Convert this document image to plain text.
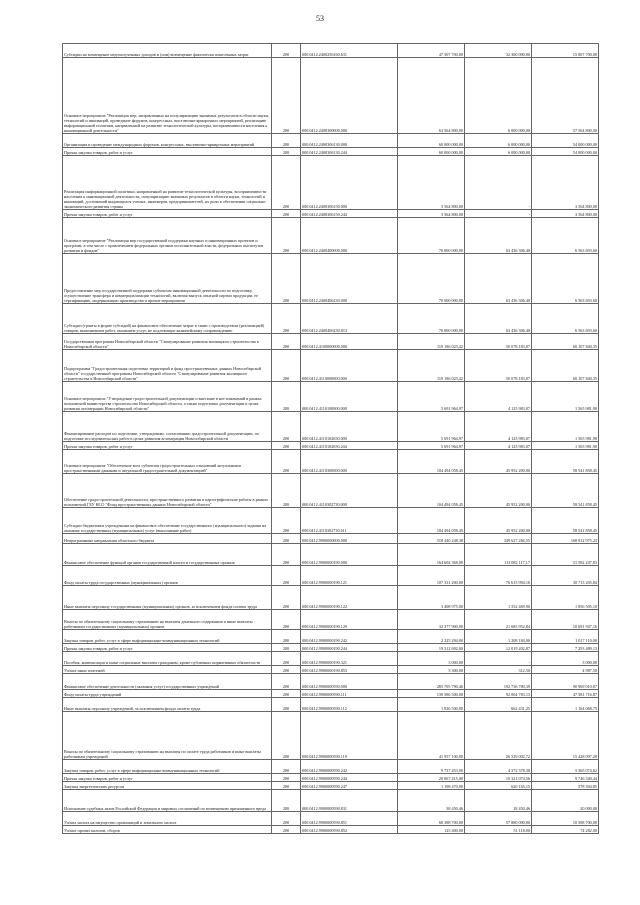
53
Субсидии на возмещение недополученных доходов и (или) возмещение фактически понесенных затрат	200	000.0412.2400256160.631	47 307 700,00	32 300 000,00	15 007 700,00
Основное мероприятие "Реализация мер, направленных на популяризацию значимых результатов в области науки, технологий и инноваций, проведение форумов, конгрессных, выставочно-ярмарочных мероприятий, реализацию информационной политики, направленной на развитие технологической культуры, восприимчивости населения к инновационной деятельности"	200	000.0412.2400300000.000	63 564 800,00	6 000 000,00	57 564 800,00
Организация и проведение международных форумов, конгрессных, выставочно-ярмарочных мероприятий	200	000.0412.2400306130.000	60 000 000,00	6 000 000,00	54 000 000,00
Прочая закупка товаров, работ и услуг	200	000.0412.2400306130.244	60 000 000,00	6 000 000,00	54 000 000,00
Реализация информационной политики, направленной на развитие технологической культуры, восприимчивости населения к инновационной деятельности, популяризацию значимых результатов в области науки, технологий и инноваций, достижений выдающихся ученых, инженеров, предпринимателей, их роли в обеспечении социально-экономического развития страны	200	000.0412.2400306150.000	3 564 800,00	-	3 564 800,00
Прочая закупка товаров, работ и услуг	200	000.0412.2400306150.244	3 564 800,00	-	3 564 800,00
Основное мероприятие "Реализация мер государственной поддержки научных и инновационных проектов и программ, в том числе с привлечением федеральных органов исполнительной власти, федеральных институтов развития и фондов"	200	000.0412.2400400000.000	70 000 000,00	63 436 306,40	6 563 693,60
Предоставление мер государственной поддержки субъектам инновационной деятельности по подготовку, осуществление трансфера и коммерциализации технологий, включая выпуск опытной партии продукции, ее сертификацию, модернизацию производства и прочие мероприятия	200	000.0412.2400406230.000	70 000 000,00	63 436 306,40	6 563 693,60
Субсидии (гранты в форме субсидий) на финансовое обеспечение затрат в связи с производством (реализацией) товаров, выполнением работ, оказанием услуг, не подлежащие казначейскому сопровождению	200	000.0412.2400406230.813	70 000 000,00	63 436 306,40	6 563 693,60
Государственная программа Новосибирской области "Стимулирование развития жилищного строительства в Новосибирской области"	200	000.0412.4100000000.000	110 186 023,42	50 078 183,07	60 107 840,35
Подпрограмма "Градостроительная подготовка территорий и фонд пространственных данных Новосибирской области" государственной программы Новосибирской области "Стимулирование развития жилищного строительства в Новосибирской области"	200	000.0412.4110000000.000	110 186 023,42	50 078 183,07	60 107 840,35
Основное мероприятие "Утверждение градостроительной документации и внесение в нее изменений в рамках полномочий министерства строительства Новосибирской области, а также подготовка документации в целях развития агломерации Новосибирской области"	200	000.0412.4110100000.000	5 691 964,97	4 125 983,07	1 565 981,90
Финансирование расходов по подготовке, утверждению, согласованию градостроительной документации, по подготовке исследовательских работ в целях развития агломерации Новосибирской области	200	000.0412.4110102650.000	5 691 964,97	4 125 983,07	1 565 981,90
Прочая закупка товаров, работ и услуг	200	000.0412.4110102650.244	5 691 964,97	4 125 983,07	1 565 981,90
Основное мероприятие "Обеспечение всех субъектов градостроительных отношений актуальными пространственными данными и актуальной градостроительной документацией"	200	000.0412.4110300000.000	104 494 058,45	45 952 200,00	58 541 858,45
Обеспечение градостроительной деятельности, пространственного развития и картографические работы в рамках полномочий ГБУ НСО "Фонд пространственных данных Новосибирской области"	200	000.0412.4110302730.000	104 494 058,45	45 952 200,00	58 541 858,45
Субсидии бюджетным учреждениям на финансовое обеспечение государственного (муниципального) задания на оказание государственных (муниципальных) услуг (выполнение работ)	200	000.0412.4110302730.611	104 494 058,45	45 952 200,00	58 541 858,45
Непрограммные направления областного бюджета	200	000.0412.9900000000.000	518 440 248,38	349 627 266,55	168 812 975,23
Финансовое обеспечение функций органов государственной власти и государственных органов	200	000.0412.9900000190.000	164 604 368,00	113 082 117,17	51 582 247,83
Фонд оплаты труда государственных (муниципальных) органов	200	000.0412.9900000190.121	107 331 200,00	76 615 994,16	30 715 205,84
Иные выплаты персоналу государственных (муниципальных) органов, за исключением фонда оплаты труда	200	000.0412.9900000190.122	3 408 975,00	1 552 469,90	1 856 505,10
Взносы по обязательному социальному страхованию на выплаты денежного содержания и иные выплаты работникам государственных (муниципальных) органов	200	000.0412.9900000190.129	32 377 900,00	21 685 952,84	10 691 947,16
Закупка товаров, работ, услуг в сфере информационно-коммуникационных технологий	200	000.0412.9900000190.242	2 225 294,00	1 208 184,00	1 017 110,00
Прочая закупка товаров, работ и услуг	200	000.0412.9900000190.244	19 312 692,00	12 019 202,87	7 293 489,13
Пособия, компенсации и иные социальные выплаты гражданам, кроме публичных нормативных обязательств	200	000.0412.9900000190.321	3 000,00	-	3 000,00
Уплата иных платежей	200	000.0412.9900000190.853	5 300,00	312,50	4 987,50
Финансовое обеспечение деятельности (оказания услуг) государственных учреждений	200	000.0412.9900000590.000	283 705 790,46	192 736 780,39	90 969 010,07
Фонд оплаты труда учреждений	200	000.0412.9900000590.111	139 586 500,00	92 004 783,13	47 581 716,87
Иные выплаты персоналу учреждений, за исключением фонда оплаты труда	200	000.0412.9900000590.112	1 826 500,00	662 431,25	1 164 068,75
Взносы по обязательному социальному страхованию на выплаты по оплате труда работников и иные выплаты работникам учреждений	200	000.0412.9900000590.119	41 957 100,00	26 529 002,72	15 428 097,28
Закупка товаров, работ, услуг в сфере информационно-коммуникационных технологий	200	000.0412.9900000590.242	9 737 453,00	4 372 378,38	5 365 074,62
Прочая закупка товаров, работ и услуг	200	000.0412.9900000590.244	20 067 415,00	10 321 074,56	9 746 340,44
Закупка энергетических ресурсов	200	000.0412.9900000590.247	1 198 470,00	620 165,15	578 304,85
Исполнение судебных актов Российской Федерации и мировых соглашений по возмещению причиненного вреда	200	000.0412.9900000590.831	38 450,46	18 450,46	20 000,00
Уплата налога на имущество организаций и земельного налога	200	000.0412.9900000590.851	68 388 700,00	57 880 000,00	10 508 700,00
Уплата прочих налогов, сборов	200	000.0412.9900000590.852	125 400,00	51 118,00	74 282,00
